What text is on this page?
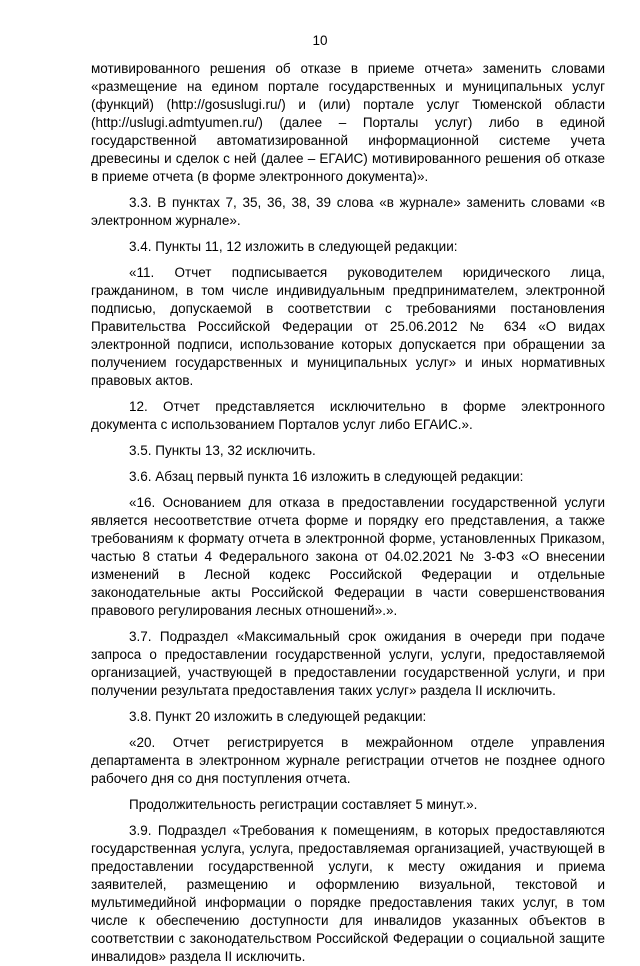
10

мотивированного решения об отказе в приеме отчета» заменить словами «размещение на едином портале государственных и муниципальных услуг (функций) (http://gosuslugi.ru/) и (или) портале услуг Тюменской области (http://uslugi.admtyumen.ru/) (далее – Порталы услуг) либо в единой государственной автоматизированной информационной системе учета древесины и сделок с ней (далее – ЕГАИС) мотивированного решения об отказе в приеме отчета (в форме электронного документа)».

3.3. В пунктах 7, 35, 36, 38, 39 слова «в журнале» заменить словами «в электронном журнале».

3.4. Пункты 11, 12 изложить в следующей редакции:

«11. Отчет подписывается руководителем юридического лица, гражданином, в том числе индивидуальным предпринимателем, электронной подписью, допускаемой в соответствии с требованиями постановления Правительства Российской Федерации от 25.06.2012 № 634 «О видах электронной подписи, использование которых допускается при обращении за получением государственных и муниципальных услуг» и иных нормативных правовых актов.

12. Отчет представляется исключительно в форме электронного документа с использованием Порталов услуг либо ЕГАИС.».

3.5. Пункты 13, 32 исключить.

3.6. Абзац первый пункта 16 изложить в следующей редакции:

«16. Основанием для отказа в предоставлении государственной услуги является несоответствие отчета форме и порядку его представления, а также требованиям к формату отчета в электронной форме, установленных Приказом, частью 8 статьи 4 Федерального закона от 04.02.2021 № 3-ФЗ «О внесении изменений в Лесной кодекс Российской Федерации и отдельные законодательные акты Российской Федерации в части совершенствования правового регулирования лесных отношений».».

3.7. Подраздел «Максимальный срок ожидания в очереди при подаче запроса о предоставлении государственной услуги, услуги, предоставляемой организацией, участвующей в предоставлении государственной услуги, и при получении результата предоставления таких услуг» раздела II исключить.

3.8. Пункт 20 изложить в следующей редакции:

«20. Отчет регистрируется в межрайонном отделе управления департамента в электронном журнале регистрации отчетов не позднее одного рабочего дня со дня поступления отчета.

Продолжительность регистрации составляет 5 минут.».

3.9. Подраздел «Требования к помещениям, в которых предоставляются государственная услуга, услуга, предоставляемая организацией, участвующей в предоставлении государственной услуги, к месту ожидания и приема заявителей, размещению и оформлению визуальной, текстовой и мультимедийной информации о порядке предоставления таких услуг, в том числе к обеспечению доступности для инвалидов указанных объектов в соответствии с законодательством Российской Федерации о социальной защите инвалидов» раздела II исключить.
